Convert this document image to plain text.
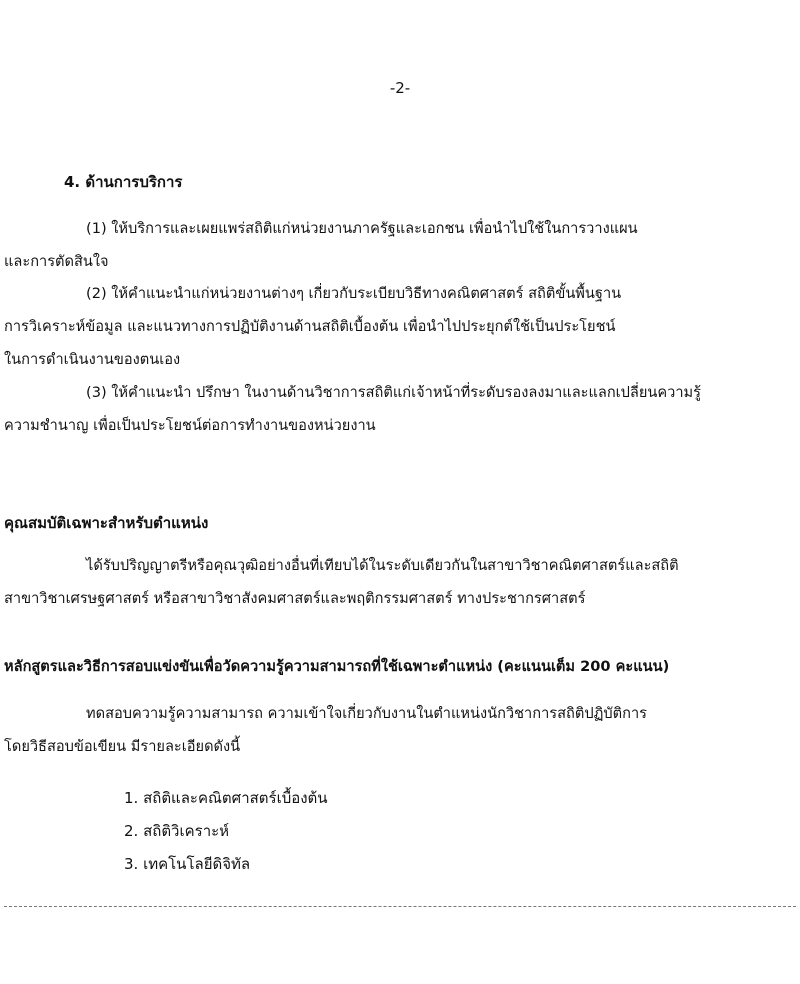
-2-
4. ด้านการบริการ
(1) ให้บริการและเผยแพร่สถิติแก่หน่วยงานภาครัฐและเอกชน เพื่อนำไปใช้ในการวางแผน
และการตัดสินใจ
(2) ให้คำแนะนำแก่หน่วยงานต่างๆ เกี่ยวกับระเบียบวิธีทางคณิตศาสตร์ สถิติขั้นพื้นฐาน
การวิเคราะห์ข้อมูล และแนวทางการปฏิบัติงานด้านสถิติเบื้องต้น เพื่อนำไปประยุกต์ใช้เป็นประโยชน์
ในการดำเนินงานของตนเอง
(3) ให้คำแนะนำ ปรึกษา ในงานด้านวิชาการสถิติแก่เจ้าหน้าที่ระดับรองลงมาและแลกเปลี่ยนความรู้
ความชำนาญ เพื่อเป็นประโยชน์ต่อการทำงานของหน่วยงาน
คุณสมบัติเฉพาะสำหรับตำแหน่ง
ได้รับปริญญาตรีหรือคุณวุฒิอย่างอื่นที่เทียบได้ในระดับเดียวกันในสาขาวิชาคณิตศาสตร์และสถิติ
สาขาวิชาเศรษฐศาสตร์ หรือสาขาวิชาสังคมศาสตร์และพฤติกรรมศาสตร์ ทางประชากรศาสตร์
หลักสูตรและวิธีการสอบแข่งขันเพื่อวัดความรู้ความสามารถที่ใช้เฉพาะตำแหน่ง (คะแนนเต็ม 200 คะแนน)
ทดสอบความรู้ความสามารถ ความเข้าใจเกี่ยวกับงานในตำแหน่งนักวิชาการสถิติปฏิบัติการ
โดยวิธีสอบข้อเขียน มีรายละเอียดดังนี้
1. สถิติและคณิตศาสตร์เบื้องต้น
2. สถิติวิเคราะห์
3. เทคโนโลยีดิจิทัล
